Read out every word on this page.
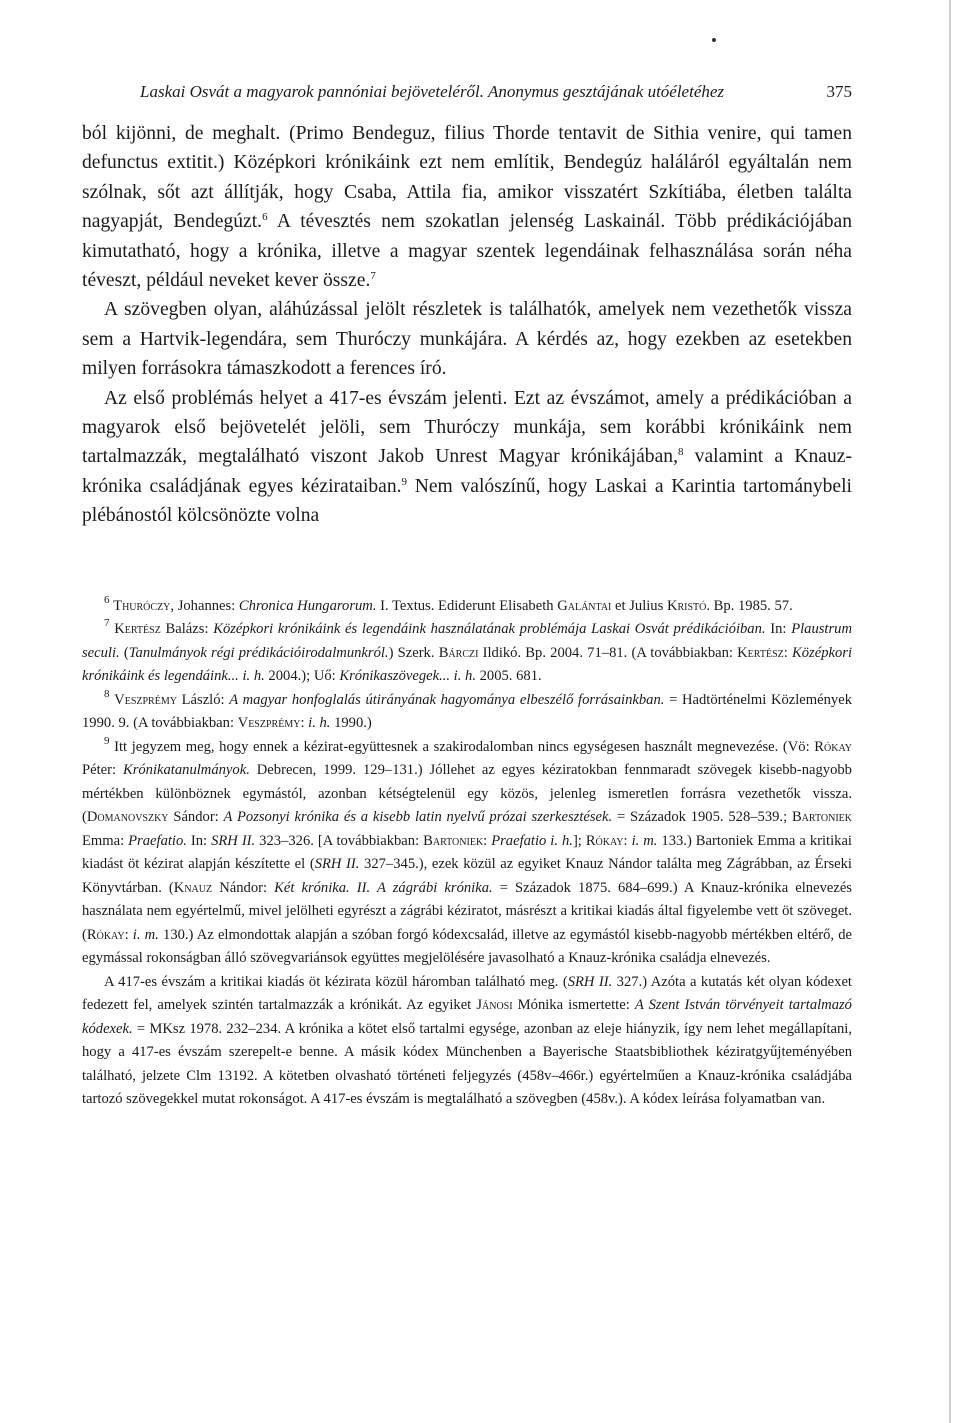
Laskai Osvát a magyarok pannóniai bejöveteléről. Anonymus gesztájának utóéletéhez	375

ból kijönni, de meghalt. (Primo Bendeguz, filius Thorde tentavit de Sithia venire, qui tamen defunctus extitit.) Középkori krónikáink ezt nem említik, Bendegúz haláláról egyáltalán nem szólnak, sőt azt állítják, hogy Csaba, Attila fia, amikor visszatért Szkítiába, életben találta nagyapját, Bendegúzt.$^6$ A tévesztés nem szokatlan jelenség Laskainál. Több prédikációjában kimutatható, hogy a krónika, illetve a magyar szentek legendáinak felhasználása során néha téveszt, például neveket kever össze.$^7$

A szövegben olyan, aláhúzással jelölt részletek is találhatók, amelyek nem vezethetők vissza sem a Hartvik-legendára, sem Thuróczy munkájára. A kérdés az, hogy ezekben az esetekben milyen forrásokra támaszkodott a ferences író.

Az első problémás helyet a 417-es évszám jelenti. Ezt az évszámot, amely a prédikációban a magyarok első bejövetelét jelöli, sem Thuróczy munkája, sem korábbi krónikáink nem tartalmazzák, megtalálható viszont Jakob Unrest Magyar krónikájában,$^8$ valamint a Knauz-krónika családjának egyes kézirataiban.$^9$ Nem valószínű, hogy Laskai a Karintia tartománybeli plébánostól kölcsönözte volna

$^6$ Thuróczy, Johannes: Chronica Hungarorum. I. Textus. Ediderunt Elisabeth Galántai et Julius Kristó. Bp. 1985. 57.

$^7$ Kertész Balázs: Középkori krónikáink és legendáink használatának problémája Laskai Osvát prédikációiban. In: Plaustrum seculi. (Tanulmányok régi prédikációirodalmunkról.) Szerk. Bárczi Ildikó. Bp. 2004. 71–81. (A továbbiakban: Kertész: Középkori krónikáink és legendáink... i. h. 2004.); Uő: Krónikaszövegek... i. h. 2005. 681.

$^8$ Veszprémy László: A magyar honfoglalás útirányának hagyománya elbeszélő forrásainkban. = Hadtörténelmi Közlemények 1990. 9. (A továbbiakban: Veszprémy: i. h. 1990.)

$^9$ Itt jegyzem meg, hogy ennek a kézirat-együttesnek a szakirodalomban nincs egységesen használt megnevezése. (Vö: Rókay Péter: Krónikatanulmányok. Debrecen, 1999. 129–131.) Jóllehet az egyes kéziratokban fennmaradt szövegek kisebb-nagyobb mértékben különböznek egymástól, azonban kétségtelenül egy közös, jelenleg ismeretlen forrásra vezethetők vissza. (Domanovszky Sándor: A Pozsonyi krónika és a kisebb latin nyelvű prózai szerkesztések. = Századok 1905. 528–539.; Bartoniek Emma: Praefatio. In: SRH II. 323–326. [A továbbiakban: Bartoniek: Praefatio i. h.]; Rókay: i. m. 133.) Bartoniek Emma a kritikai kiadást öt kézirat alapján készítette el (SRH II. 327–345.), ezek közül az egyiket Knauz Nándor találta meg Zágrábban, az Érseki Könyvtárban. (Knauz Nándor: Két krónika. II. A zágrábi krónika. = Századok 1875. 684–699.) A Knauz-krónika elnevezés használata nem egyértelmű, mivel jelölheti egyrészt a zágrábi kéziratot, másrészt a kritikai kiadás által figyelembe vett öt szöveget. (Rókay: i. m. 130.) Az elmondottak alapján a szóban forgó kódexcsalád, illetve az egymástól kisebb-nagyobb mértékben eltérő, de egymással rokonságban álló szövegvariánsok együttes megjelölésére javasolható a Knauz-krónika családja elnevezés.

A 417-es évszám a kritikai kiadás öt kézirata közül háromban található meg. (SRH II. 327.) Azóta a kutatás két olyan kódexet fedezett fel, amelyek szintén tartalmazzák a krónikát. Az egyiket Jánosi Mónika ismertette: A Szent István törvényeit tartalmazó kódexek. = MKsz 1978. 232–234. A krónika a kötet első tartalmi egysége, azonban az eleje hiányzik, így nem lehet megállapítani, hogy a 417-es évszám szerepelt-e benne. A másik kódex Münchenben a Bayerische Staatsbibliothek kéziratgyűjteményében található, jelzete Clm 13192. A kötetben olvasható történeti feljegyzés (458v–466r.) egyértelműen a Knauz-krónika családjába tartozó szövegekkel mutat rokonságot. A 417-es évszám is megtalálható a szövegben (458v.). A kódex leírása folyamatban van.
